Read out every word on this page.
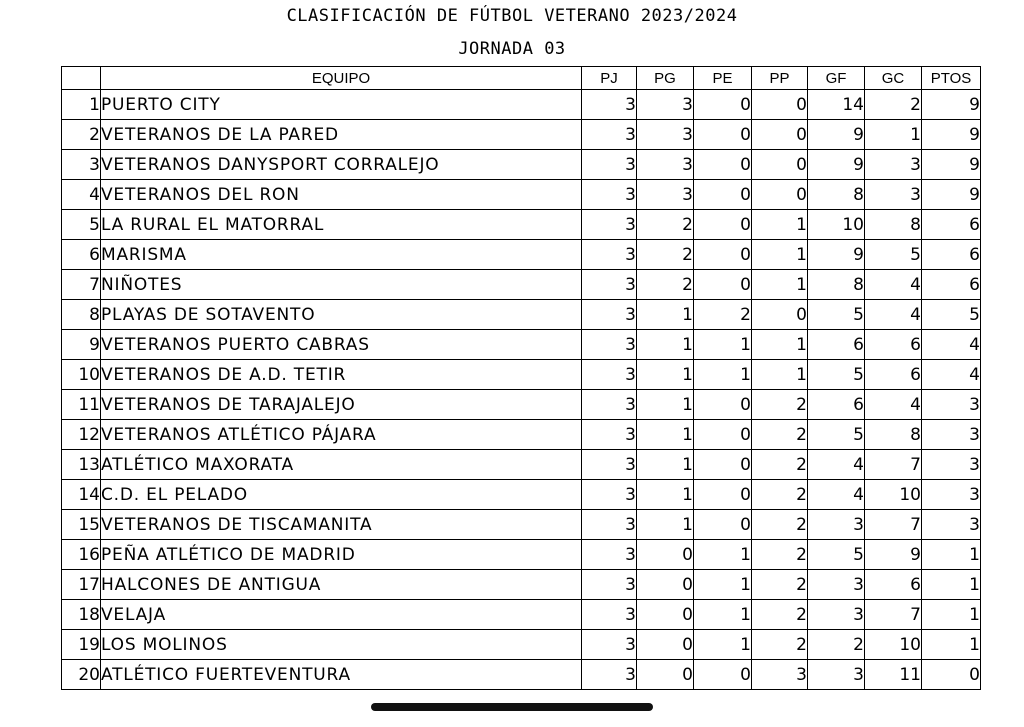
CLASIFICACIÓN DE FÚTBOL VETERANO 2023/2024
JORNADA 03
	EQUIPO	PJ	PG	PE	PP	GF	GC	PTOS
1	PUERTO CITY	3	3	0	0	14	2	9
2	VETERANOS DE LA PARED	3	3	0	0	9	1	9
3	VETERANOS DANYSPORT CORRALEJO	3	3	0	0	9	3	9
4	VETERANOS DEL RON	3	3	0	0	8	3	9
5	LA RURAL EL MATORRAL	3	2	0	1	10	8	6
6	MARISMA	3	2	0	1	9	5	6
7	NIÑOTES	3	2	0	1	8	4	6
8	PLAYAS DE SOTAVENTO	3	1	2	0	5	4	5
9	VETERANOS PUERTO CABRAS	3	1	1	1	6	6	4
10	VETERANOS DE A.D. TETIR	3	1	1	1	5	6	4
11	VETERANOS DE TARAJALEJO	3	1	0	2	6	4	3
12	VETERANOS ATLÉTICO PÁJARA	3	1	0	2	5	8	3
13	ATLÉTICO MAXORATA	3	1	0	2	4	7	3
14	C.D. EL PELADO	3	1	0	2	4	10	3
15	VETERANOS DE TISCAMANITA	3	1	0	2	3	7	3
16	PEÑA ATLÉTICO DE MADRID	3	0	1	2	5	9	1
17	HALCONES DE ANTIGUA	3	0	1	2	3	6	1
18	VELAJA	3	0	1	2	3	7	1
19	LOS MOLINOS	3	0	1	2	2	10	1
20	ATLÉTICO FUERTEVENTURA	3	0	0	3	3	11	0
